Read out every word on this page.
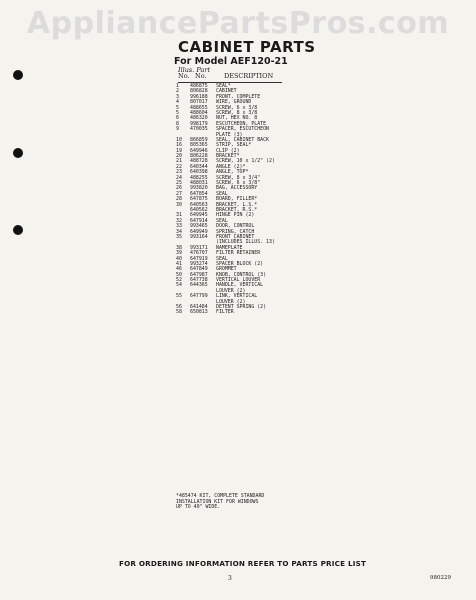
AppliancePartsPros.com
CABINET PARTS
For Model AEF120-21
Illus. Part
No. No.	DESCRIPTION
1	486875	SEAL*
2	806828	CABINET
3	996188	FRONT, COMPLETE
4	807017	WIRE, GROUND
5	488655	SCREW, 6 x 3/8
5	488604	SCREW, 8 x 3/8
6	486320	NUT, HEX NO. 8
8	998179	ESCUTCHEON, PLATE
9	470035	SPACER, ESCUTCHEON
PLATE (3)
10	866859	SEAL, CABINET BACK
16	805365	STRIP, SEAL*
19	649946	CLIP (2)
20	806228	BRACKET*
21	488728	SCREW, 10 x 1/2" (2)
22	640344	ANGLE (2)*
23	640398	ANGLE, TOP*
24	488255	SCREW, 8 x 3/4"
25	488031	SCREW, 6 x 3/8"
26	993820	BAG, ACCESSORY
27	647854	SEAL
28	647875	BOARD, FILLER*
30	640563	BRACKET, L.S.*
640562	BRACKET, R.S.*
31	649945	HINGE PIN (2)
32	647914	SEAL
33	993465	DOOR, CONTROL
34	649949	SPRING, CATCH
35	993164	FRONT CABINET
(INCLUDES ILLUS. 13)
38	993171	NAMEPLATE
39	476707	FILTER RETAINER
40	647919	SEAL
41	993274	SPACER BLOCK (2)
46	647849	GROMMET
50	647987	KNOB, CONTROL (3)
52	647738	VERTICAL LOUVER
54	644365	HANDLE, VERTICAL
LOUVER (2)
55	647799	LINK, VERTICAL
LOUVER (2)
56	641484	DETENT SPRING (2)
58	650813	FILTER
*485474 KIT, COMPLETE STANDARD
INSTALLATION KIT FOR WINDOWS
UP TO 40" WIDE.
FOR ORDERING INFORMATION REFER TO PARTS PRICE LIST
3	980229
